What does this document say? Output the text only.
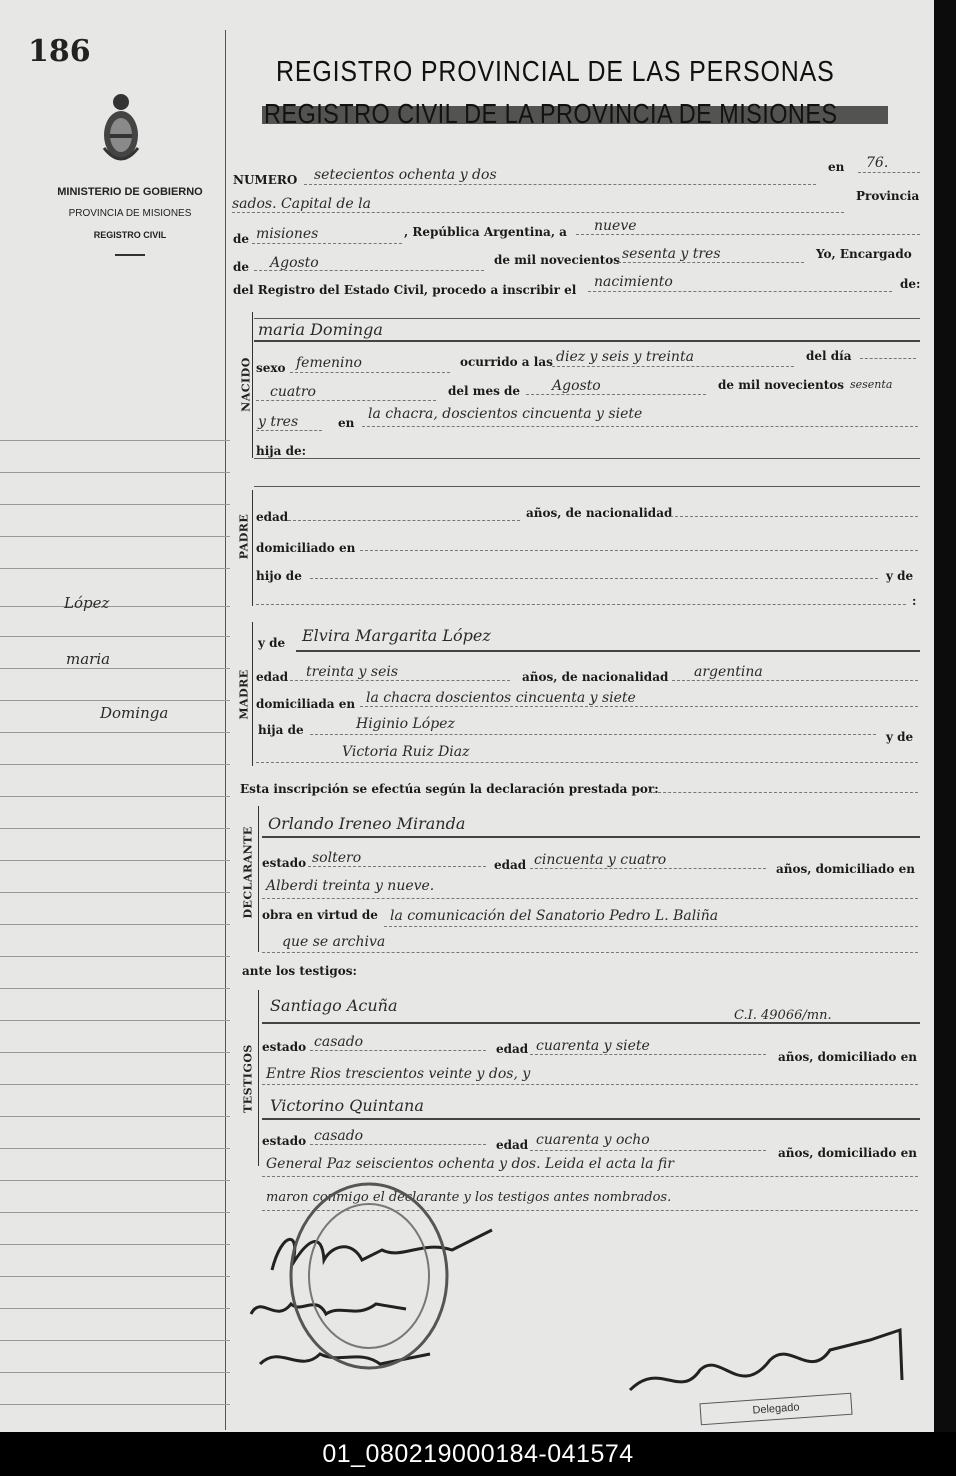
186
MINISTERIO DE GOBIERNO
PROVINCIA DE MISIONES
REGISTRO CIVIL
REGISTRO PROVINCIAL DE LAS PERSONAS
López
maria
Dominga
NUMERO setecientos ochenta y dos	en 76.
sados. Capital de la	Provincia
de misiones	, República Argentina, a nueve
de Agosto	de mil novecientos sesenta y tres	Yo, Encargado
del Registro del Estado Civil, procedo a inscribir el nacimiento	de:
NACIDO
maria Dominga
sexo femenino	ocurrido a las diez y seis y treinta	del día
cuatro	del mes de Agosto	de mil novecientos sesenta
y tres	en
la chacra, doscientos cincuenta y siete
hija de:
PADRE edad	años, de nacionalidad
domiciliado en
hijo de	y de
:
MADRE
y de Elvira Margarita López
edad treinta y seis	años, de nacionalidad argentina
domiciliada en la chacra doscientos cincuenta y siete
hija de	Higinio López
y de
Victoria Ruiz Diaz
Esta inscripción se efectúa según la declaración prestada por:
DECLARANTE
Orlando Ireneo Miranda
estado soltero	edad cincuenta y cuatro
años, domiciliado en
Alberdi treinta y nueve.
obra en virtud de la comunicación del Sanatorio Pedro L. Baliña
que se archiva
ante los testigos:
TESTIGOS
Santiago Acuña
C.I. 49066/mn.
estado casado	edad cuarenta y siete
años, domiciliado en
Entre Rios trescientos veinte y dos, y
Victorino Quintana
estado casado
edad cuarenta y ocho
años, domiciliado en
General Paz seiscientos ochenta y dos. Leida el acta la fir
maron conmigo el declarante y los testigos antes nombrados.
Delegado
01_080219000184-041574
